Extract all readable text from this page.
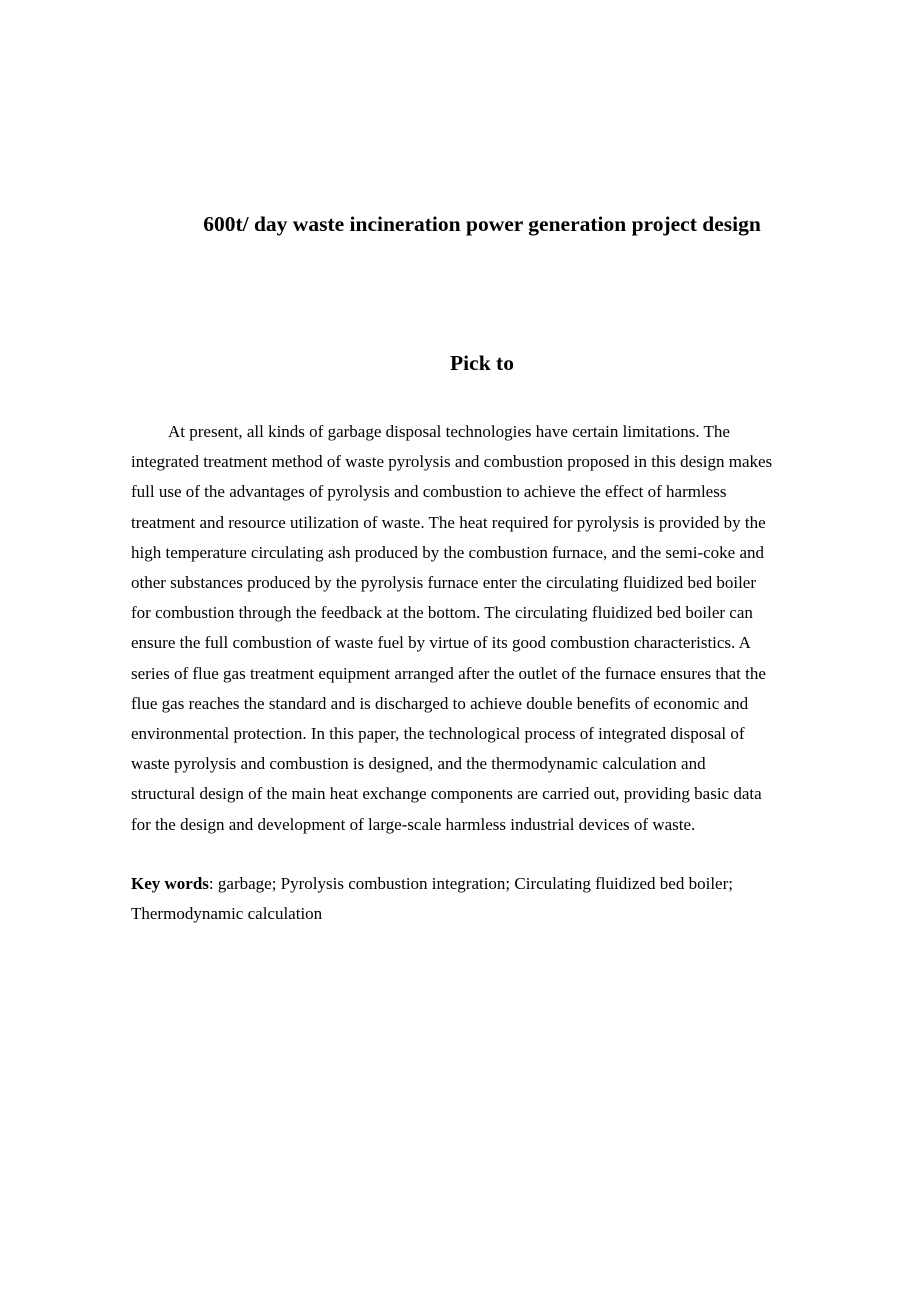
600t/ day waste incineration power generation project design
Pick to
At present, all kinds of garbage disposal technologies have certain limitations. The
integrated treatment method of waste pyrolysis and combustion proposed in this design makes
full use of the advantages of pyrolysis and combustion to achieve the effect of harmless
treatment and resource utilization of waste. The heat required for pyrolysis is provided by the
high temperature circulating ash produced by the combustion furnace, and the semi-coke and
other substances produced by the pyrolysis furnace enter the circulating fluidized bed boiler
for combustion through the feedback at the bottom. The circulating fluidized bed boiler can
ensure the full combustion of waste fuel by virtue of its good combustion characteristics. A
series of flue gas treatment equipment arranged after the outlet of the furnace ensures that the
flue gas reaches the standard and is discharged to achieve double benefits of economic and
environmental protection. In this paper, the technological process of integrated disposal of
waste pyrolysis and combustion is designed, and the thermodynamic calculation and
structural design of the main heat exchange components are carried out, providing basic data
for the design and development of large-scale harmless industrial devices of waste.
Key words: garbage; Pyrolysis combustion integration; Circulating fluidized bed boiler;
Thermodynamic calculation
